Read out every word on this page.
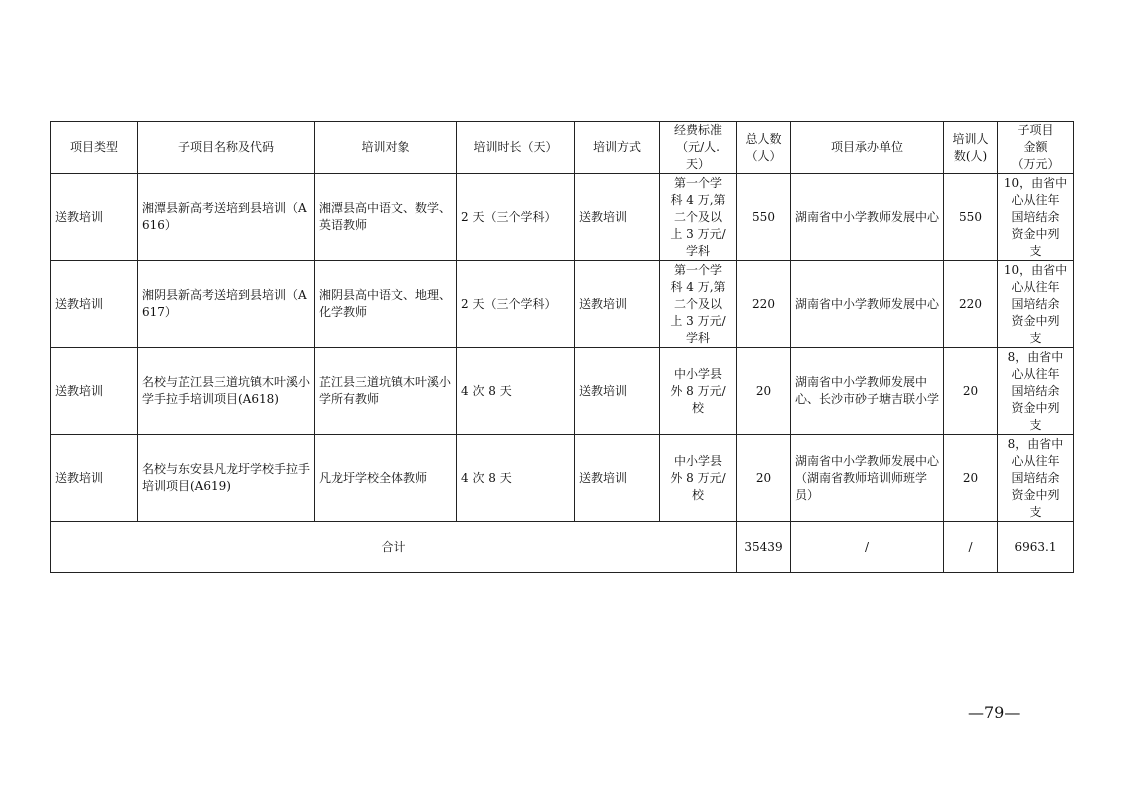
项目类型	子项目名称及代码	培训对象	培训时长（天）	培训方式	经费标准
（元/人.
天）	总人数
（人）	项目承办单位	培训人
数(人)	子项目
金额
（万元）
送教培训	湘潭县新高考送培到县培训（A616）	湘潭县高中语文、数学、英语教师	2 天（三个学科）	送教培训	第一个学
科 4 万,第
二个及以
上 3 万元/
学科	550	湖南省中小学教师发展中心	550	10，由省中
心从往年
国培结余
资金中列
支
送教培训	湘阴县新高考送培到县培训（A617）	湘阴县高中语文、地理、化学教师	2 天（三个学科）	送教培训	第一个学
科 4 万,第
二个及以
上 3 万元/
学科	220	湖南省中小学教师发展中心	220	10，由省中
心从往年
国培结余
资金中列
支
送教培训	名校与芷江县三道坑镇木叶溪小学手拉手培训项目(A618)	芷江县三道坑镇木叶溪小学所有教师	4 次 8 天	送教培训	中小学县
外 8 万元/
校	20	湖南省中小学教师发展中心、长沙市砂子塘吉联小学	20	8，由省中
心从往年
国培结余
资金中列
支
送教培训	名校与东安县凡龙圩学校手拉手培训项目(A619)	凡龙圩学校全体教师	4 次 8 天	送教培训	中小学县
外 8 万元/
校	20	湖南省中小学教师发展中心（湖南省教师培训师班学员）	20	8，由省中
心从往年
国培结余
资金中列
支
合计						35439	/	/	6963.1
—79—
